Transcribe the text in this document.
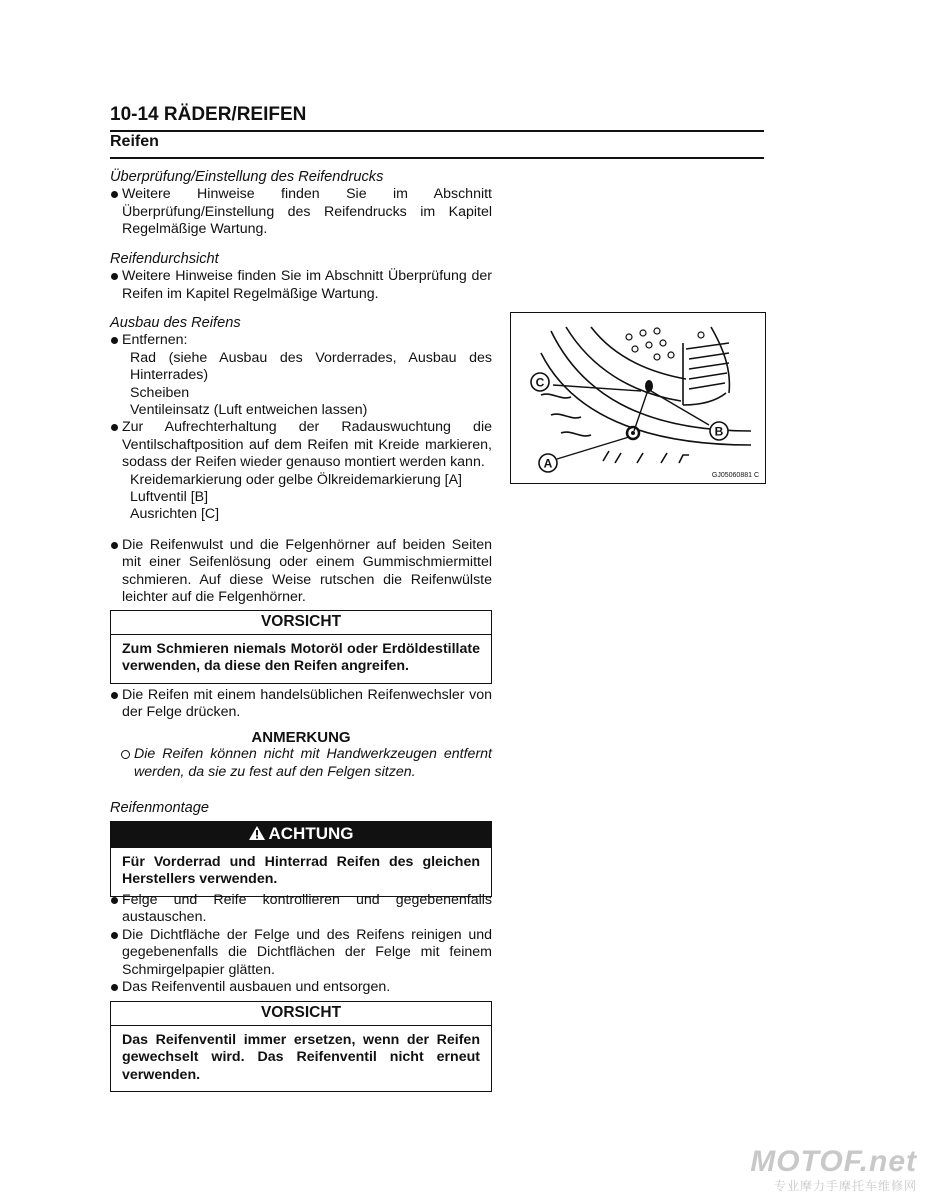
10-14 RÄDER/REIFEN
Reifen

Überprüfung/Einstellung des Reifendrucks

Weitere Hinweise finden Sie im Abschnitt Überprüfung/Einstellung des Reifendrucks im Kapitel Regelmäßige Wartung.

Reifendurchsicht

Weitere Hinweise finden Sie im Abschnitt Überprüfung der Reifen im Kapitel Regelmäßige Wartung.

Ausbau des Reifens

Entfernen:

Rad (siehe Ausbau des Vorderrades, Ausbau des Hinterrades)

Scheiben

Ventileinsatz (Luft entweichen lassen)

Zur Aufrechterhaltung der Radauswuchtung die Ventilschaftposition auf dem Reifen mit Kreide markieren, sodass der Reifen wieder genauso montiert werden kann.

Kreidemarkierung oder gelbe Ölkreidemarkierung [A]

Luftventil [B]

Ausrichten [C]

Die Reifenwulst und die Felgenhörner auf beiden Seiten mit einer Seifenlösung oder einem Gummischmiermittel schmieren. Auf diese Weise rutschen die Reifenwülste leichter auf die Felgenhörner.

VORSICHT
Zum Schmieren niemals Motoröl oder Erdöldestillate verwenden, da diese den Reifen angreifen.

Die Reifen mit einem handelsüblichen Reifenwechsler von der Felge drücken.

ANMERKUNG
Die Reifen können nicht mit Handwerkzeugen entfernt werden, da sie zu fest auf den Felgen sitzen.

Reifenmontage

ACHTUNG
Für Vorderrad und Hinterrad Reifen des gleichen Herstellers verwenden.

Felge und Reife kontrollieren und gegebenenfalls austauschen.

Die Dichtfläche der Felge und des Reifens reinigen und gegebenenfalls die Dichtflächen der Felge mit feinem Schmirgelpapier glätten.

Das Reifenventil ausbauen und entsorgen.

VORSICHT
Das Reifenventil immer ersetzen, wenn der Reifen gewechselt wird. Das Reifenventil nicht erneut verwenden.
C
B
A
GJ05060881 C
MOTOF.net
专业摩力手摩托车维修网
